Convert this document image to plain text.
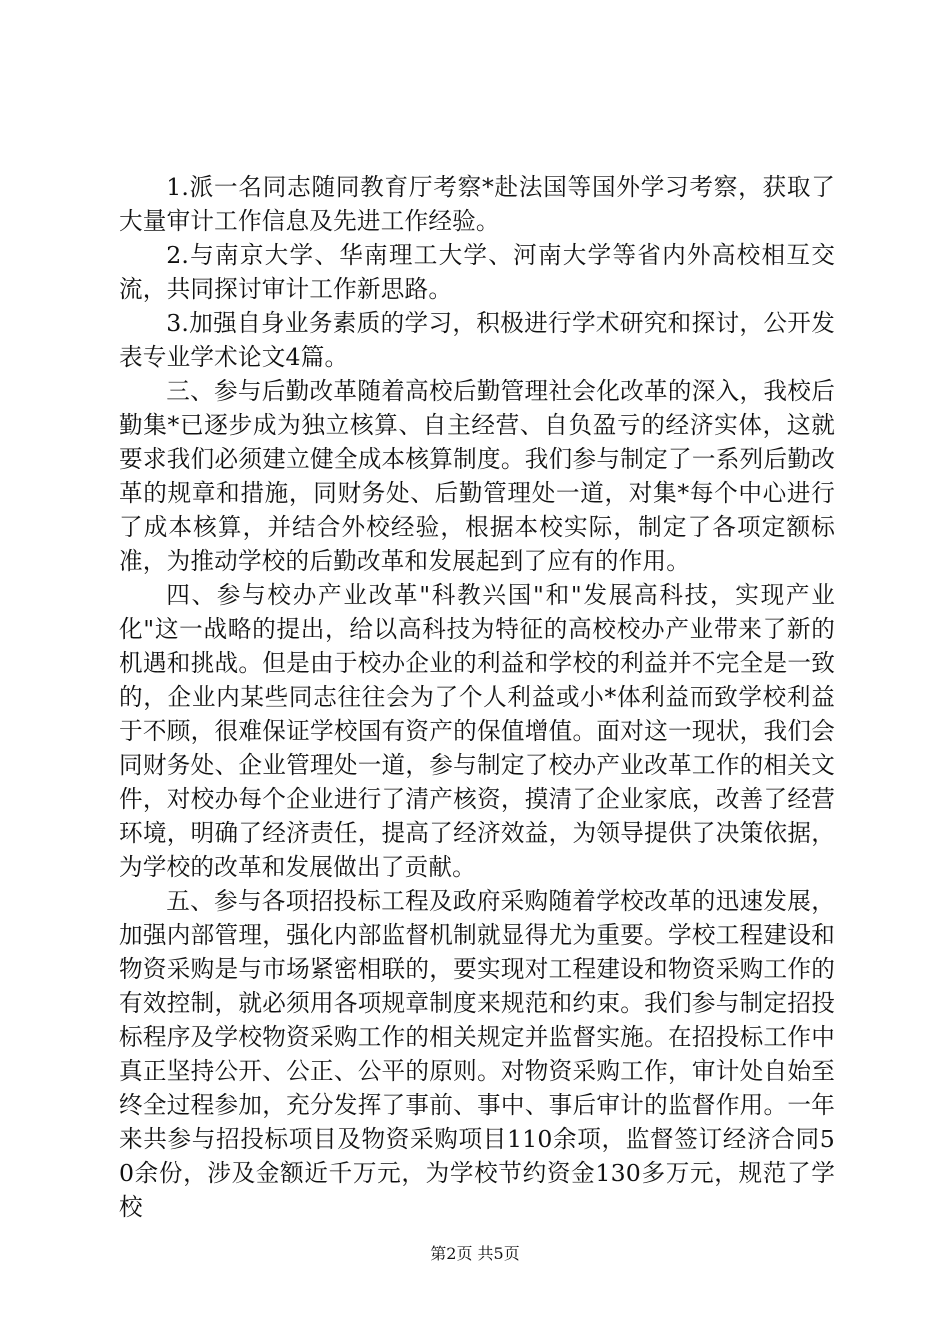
1.派一名同志随同教育厅考察*赴法国等国外学习考察，获取了大量审计工作信息及先进工作经验。

2.与南京大学、华南理工大学、河南大学等省内外高校相互交流，共同探讨审计工作新思路。

3.加强自身业务素质的学习，积极进行学术研究和探讨，公开发表专业学术论文4篇。

三、参与后勤改革随着高校后勤管理社会化改革的深入，我校后勤集*已逐步成为独立核算、自主经营、自负盈亏的经济实体，这就要求我们必须建立健全成本核算制度。我们参与制定了一系列后勤改革的规章和措施，同财务处、后勤管理处一道，对集*每个中心进行了成本核算，并结合外校经验，根据本校实际，制定了各项定额标准，为推动学校的后勤改革和发展起到了应有的作用。

四、参与校办产业改革"科教兴国"和"发展高科技，实现产业化"这一战略的提出，给以高科技为特征的高校校办产业带来了新的机遇和挑战。但是由于校办企业的利益和学校的利益并不完全是一致的，企业内某些同志往往会为了个人利益或小*体利益而致学校利益于不顾，很难保证学校国有资产的保值增值。面对这一现状，我们会同财务处、企业管理处一道，参与制定了校办产业改革工作的相关文件，对校办每个企业进行了清产核资，摸清了企业家底，改善了经营环境，明确了经济责任，提高了经济效益，为领导提供了决策依据，为学校的改革和发展做出了贡献。

五、参与各项招投标工程及政府采购随着学校改革的迅速发展，加强内部管理，强化内部监督机制就显得尤为重要。学校工程建设和物资采购是与市场紧密相联的，要实现对工程建设和物资采购工作的有效控制，就必须用各项规章制度来规范和约束。我们参与制定招投标程序及学校物资采购工作的相关规定并监督实施。在招投标工作中真正坚持公开、公正、公平的原则。对物资采购工作，审计处自始至终全过程参加，充分发挥了事前、事中、事后审计的监督作用。一年来共参与招投标项目及物资采购项目110余项，监督签订经济合同50余份，涉及金额近千万元，为学校节约资金130多万元，规范了学校

第2页 共5页
